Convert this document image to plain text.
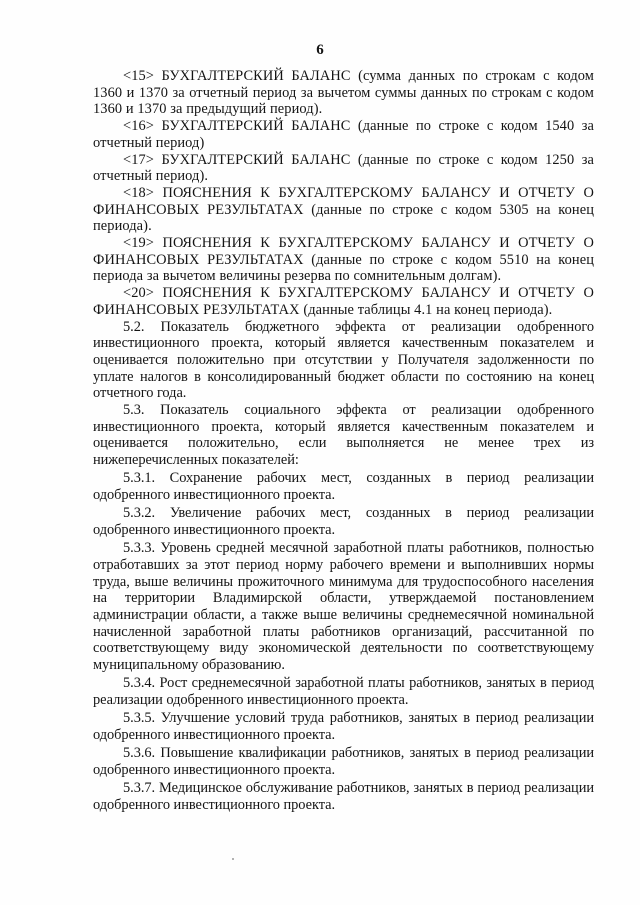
6

<15> БУХГАЛТЕРСКИЙ БАЛАНС (сумма данных по строкам с кодом 1360 и 1370 за отчетный период за вычетом суммы данных по строкам с кодом 1360 и 1370 за предыдущий период).

<16> БУХГАЛТЕРСКИЙ БАЛАНС (данные по строке с кодом 1540 за отчетный период)

<17> БУХГАЛТЕРСКИЙ БАЛАНС (данные по строке с кодом 1250 за отчетный период).

<18> ПОЯСНЕНИЯ К БУХГАЛТЕРСКОМУ БАЛАНСУ И ОТЧЕТУ О ФИНАНСОВЫХ РЕЗУЛЬТАТАХ (данные по строке с кодом 5305 на конец периода).

<19> ПОЯСНЕНИЯ К БУХГАЛТЕРСКОМУ БАЛАНСУ И ОТЧЕТУ О ФИНАНСОВЫХ РЕЗУЛЬТАТАХ (данные по строке с кодом 5510 на конец периода за вычетом величины резерва по сомнительным долгам).

<20> ПОЯСНЕНИЯ К БУХГАЛТЕРСКОМУ БАЛАНСУ И ОТЧЕТУ О ФИНАНСОВЫХ РЕЗУЛЬТАТАХ (данные таблицы 4.1 на конец периода).

5.2. Показатель бюджетного эффекта от реализации одобренного инвестиционного проекта, который является качественным показателем и оценивается положительно при отсутствии у Получателя задолженности по уплате налогов в консолидированный бюджет области по состоянию на конец отчетного года.

5.3. Показатель социального эффекта от реализации одобренного инвестиционного проекта, который является качественным показателем и оценивается положительно, если выполняется не менее трех из нижеперечисленных показателей:

5.3.1. Сохранение рабочих мест, созданных в период реализации одобренного инвестиционного проекта.

5.3.2. Увеличение рабочих мест, созданных в период реализации одобренного инвестиционного проекта.

5.3.3. Уровень средней месячной заработной платы работников, полностью отработавших за этот период норму рабочего времени и выполнивших нормы труда, выше величины прожиточного минимума для трудоспособного населения на территории Владимирской области, утверждаемой постановлением администрации области, а также выше величины среднемесячной номинальной начисленной заработной платы работников организаций, рассчитанной по соответствующему виду экономической деятельности по соответствующему муниципальному образованию.

5.3.4. Рост среднемесячной заработной платы работников, занятых в период реализации одобренного инвестиционного проекта.

5.3.5. Улучшение условий труда работников, занятых в период реализации одобренного инвестиционного проекта.

5.3.6. Повышение квалификации работников, занятых в период реализации одобренного инвестиционного проекта.

5.3.7. Медицинское обслуживание работников, занятых в период реализации одобренного инвестиционного проекта.
